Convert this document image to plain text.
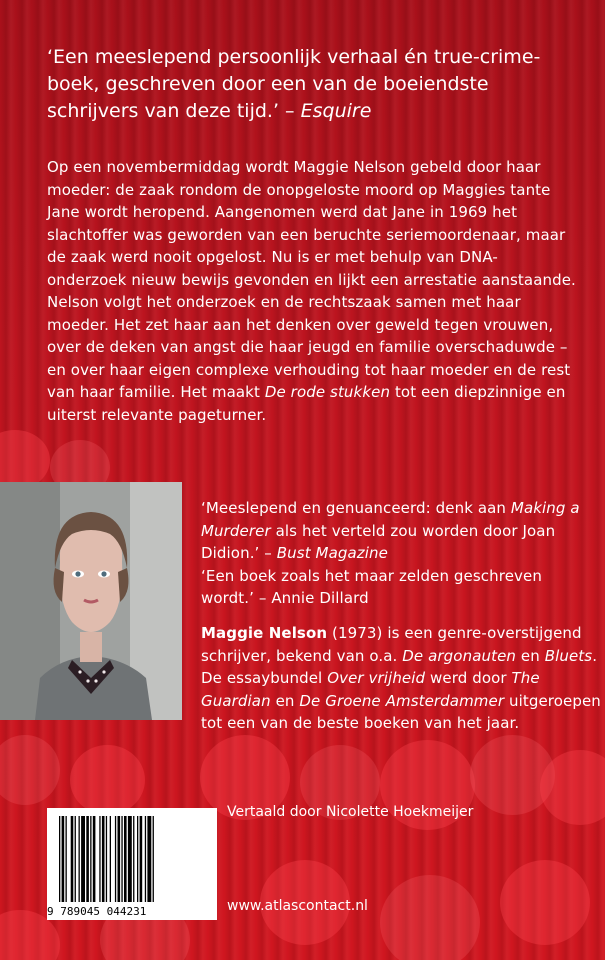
‘Een meeslepend persoonlijk verhaal én true-crime-boek, geschreven door een van de boeiendste schrijvers van deze tijd.’ – Esquire

Op een novembermiddag wordt Maggie Nelson gebeld door haar moeder: de zaak rondom de onopgeloste moord op Maggies tante Jane wordt heropend. Aangenomen werd dat Jane in 1969 het slachtoffer was geworden van een beruchte seriemoordenaar, maar de zaak werd nooit opgelost. Nu is er met behulp van DNA-onderzoek nieuw bewijs gevonden en lijkt een arrestatie aanstaande. Nelson volgt het onderzoek en de rechtszaak samen met haar moeder. Het zet haar aan het denken over geweld tegen vrouwen, over de deken van angst die haar jeugd en familie overschaduwde – en over haar eigen complexe verhouding tot haar moeder en de rest van haar familie. Het maakt De rode stukken tot een diepzinnige en uiterst relevante pageturner.

‘Meeslepend en genuanceerd: denk aan Making a Murderer als het verteld zou worden door Joan Didion.’ – Bust Magazine
‘Een boek zoals het maar zelden geschreven wordt.’ – Annie Dillard
Maggie Nelson (1973) is een genre-overstijgend schrijver, bekend van o.a. De argonauten en Bluets. De essaybundel Over vrijheid werd door The Guardian en De Groene Amsterdammer uitgeroepen tot een van de beste boeken van het jaar.
9 789045 044231
Vertaald door Nicolette Hoekmeijer
www.atlascontact.nl
